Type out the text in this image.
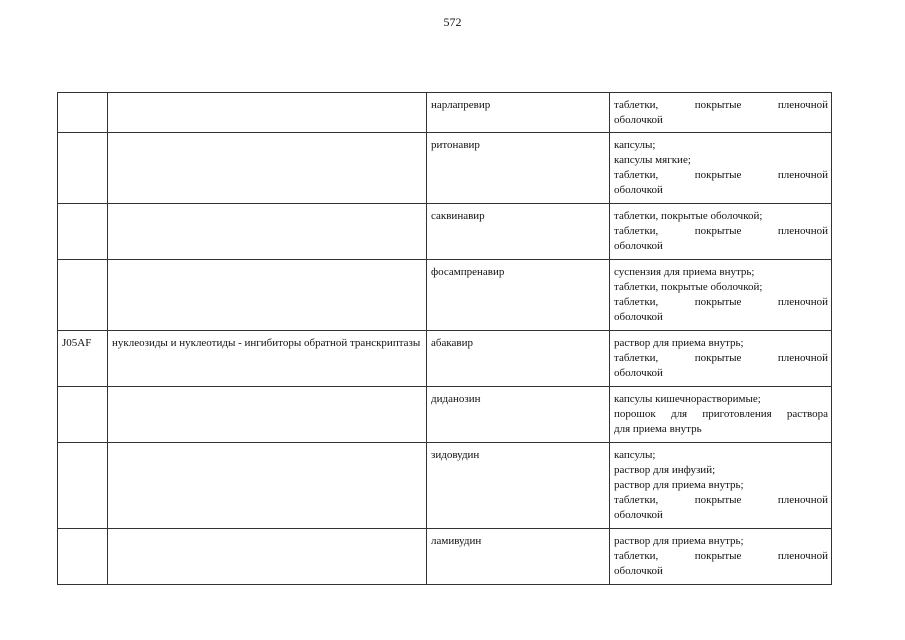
572
		нарлапревир	таблетки, покрытые пленочной
оболочкой

		ритонавир	капсулы;
капсулы мягкие;
таблетки, покрытые пленочной
оболочкой

		саквинавир	таблетки, покрытые оболочкой;
таблетки, покрытые пленочной
оболочкой

		фосампренавир	суспензия для приема внутрь;
таблетки, покрытые оболочкой;
таблетки, покрытые пленочной
оболочкой

J05AF	нуклеозиды и нуклеотиды - ингибиторы обратной транскриптазы	абакавир	раствор для приема внутрь;
таблетки, покрытые пленочной
оболочкой

		диданозин	капсулы кишечнорастворимые;
порошок для приготовления раствора
для приема внутрь

		зидовудин	капсулы;
раствор для инфузий;
раствор для приема внутрь;
таблетки, покрытые пленочной
оболочкой

		ламивудин	раствор для приема внутрь;
таблетки, покрытые пленочной
оболочкой
